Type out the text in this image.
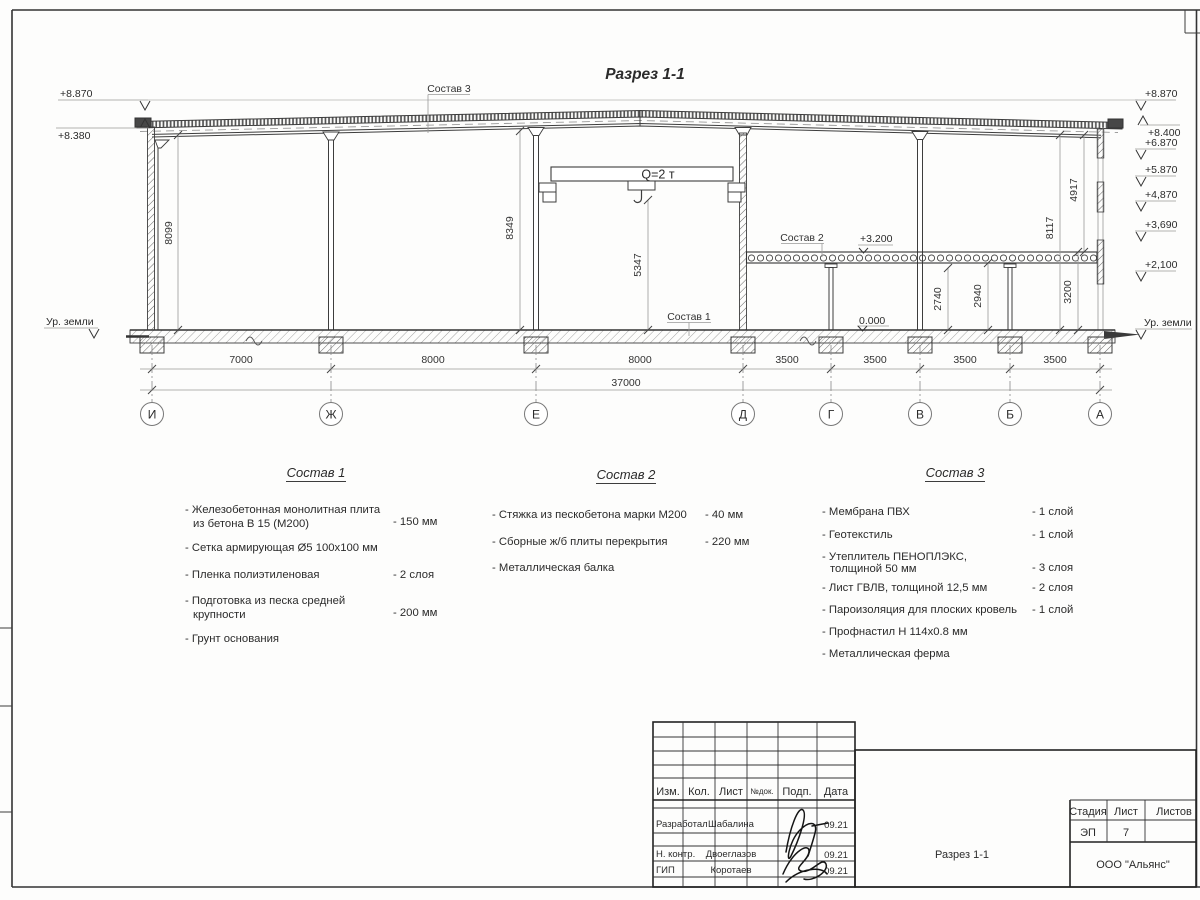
Разрез 1-1
Q=2 т
Состав 3
Состав 2
Состав 1
+3.200
0.000
+8.870
+8.380
Ур. земли
+8.870
+8.400
+6.870
+5.870
+4,870
+3,690
+2,100
Ур. земли
8099	8349
5347
2740	2940	3200
8117
4917
7000	8000	8000	3500	3500	3500	3500
37000
И	Ж	Е	Д	Г	В	Б	А
Состав 1
- Железобетонная монолитная плита
из бетона В 15 (М200)	- 150 мм
- Сетка армирующая Ø5 100х100 мм
- Пленка полиэтиленовая	- 2 слоя
- Подготовка из песка средней
крупности	- 200 мм
- Грунт основания
Состав 2
- Стяжка из пескобетона марки М200 - 40 мм
- Сборные ж/б плиты перекрытия	- 220 мм
- Металлическая балка
Состав 3
- Мембрана ПВХ	- 1 слой
- Геотекстиль	- 1 слой
- Утеплитель ПЕНОПЛЭКС,
толщиной 50 мм	- 3 слоя
- Лист ГВЛВ, толщиной 12,5 мм	- 2 слоя
- Пароизоляция для плоских кровель - 1 слой
- Профнастил Н 114х0.8 мм
- Металлическая ферма
Изм. Кол. Лист №док. Подп. Дата
Разработал Шабалина	09.21
Н. контр. Двоеглазов	09.21
ГИП	Коротаев	09.21
Стадия Лист Листов
ЭП 7
Разрез 1-1
ООО "Альянс"
